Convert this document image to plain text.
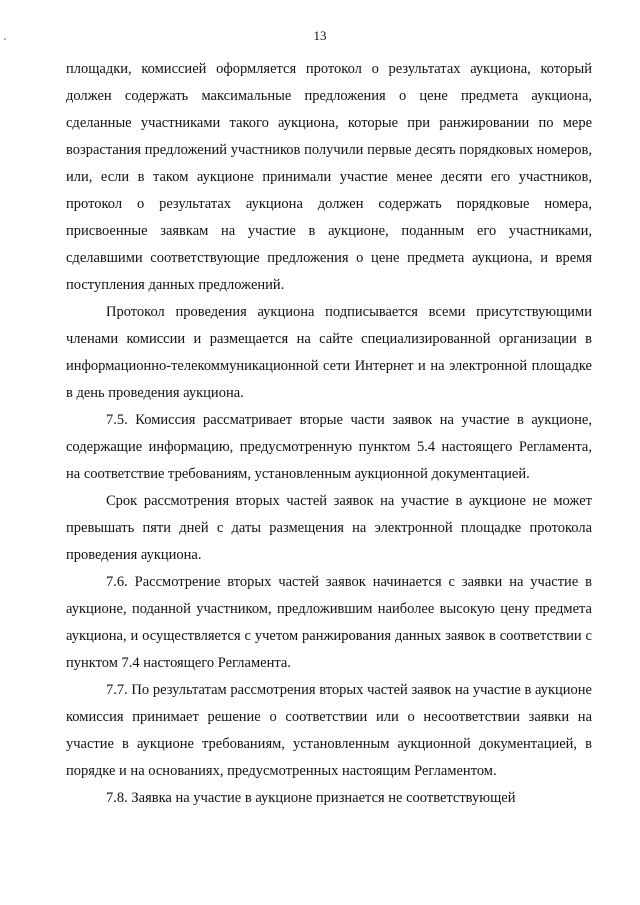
13

площадки, комиссией оформляется протокол о результатах аукциона, который должен содержать максимальные предложения о цене предмета аукциона, сделанные участниками такого аукциона, которые при ранжировании по мере возрастания предложений участников получили первые десять порядковых номеров, или, если в таком аукционе принимали участие менее десяти его участников, протокол о результатах аукциона должен содержать порядковые номера, присвоенные заявкам на участие в аукционе, поданным его участниками, сделавшими соответствующие предложения о цене предмета аукциона, и время поступления данных предложений.

Протокол проведения аукциона подписывается всеми присутствующими членами комиссии и размещается на сайте специализированной организации в информационно-телекоммуникационной сети Интернет и на электронной площадке в день проведения аукциона.

7.5. Комиссия рассматривает вторые части заявок на участие в аукционе, содержащие информацию, предусмотренную пунктом 5.4 настоящего Регламента, на соответствие требованиям, установленным аукционной документацией.

Срок рассмотрения вторых частей заявок на участие в аукционе не может превышать пяти дней с даты размещения на электронной площадке протокола проведения аукциона.

7.6. Рассмотрение вторых частей заявок начинается с заявки на участие в аукционе, поданной участником, предложившим наиболее высокую цену предмета аукциона, и осуществляется с учетом ранжирования данных заявок в соответствии с пунктом 7.4 настоящего Регламента.

7.7. По результатам рассмотрения вторых частей заявок на участие в аукционе комиссия принимает решение о соответствии или о несоответствии заявки на участие в аукционе требованиям, установленным аукционной документацией, в порядке и на основаниях, предусмотренных настоящим Регламентом.

7.8. Заявка на участие в аукционе признается не соответствующей
